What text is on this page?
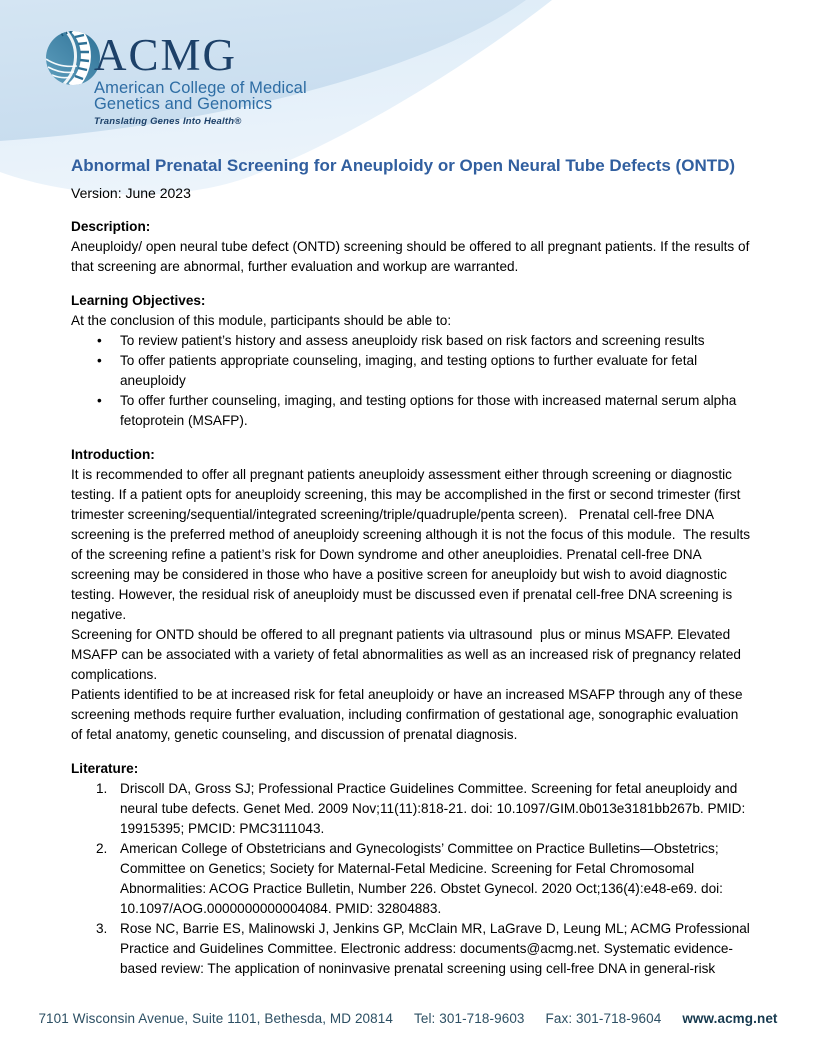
ACMG
American College of Medical
Genetics and Genomics
Translating Genes Into Health®
Abnormal Prenatal Screening for Aneuploidy or Open Neural Tube Defects (ONTD)
Version: June 2023
Description:

Aneuploidy/ open neural tube defect (ONTD) screening should be offered to all pregnant patients. If the results of that screening are abnormal, further evaluation and workup are warranted.

Learning Objectives:

At the conclusion of this module, participants should be able to:

• To review patient’s history and assess aneuploidy risk based on risk factors and screening results
• To offer patients appropriate counseling, imaging, and testing options to further evaluate for fetal aneuploidy
• To offer further counseling, imaging, and testing options for those with increased maternal serum alpha fetoprotein (MSAFP).
Introduction:

It is recommended to offer all pregnant patients aneuploidy assessment either through screening or diagnostic testing. If a patient opts for aneuploidy screening, this may be accomplished in the first or second trimester (first trimester screening/sequential/integrated screening/triple/quadruple/penta screen).   Prenatal cell-free DNA screening is the preferred method of aneuploidy screening although it is not the focus of this module.  The results of the screening refine a patient’s risk for Down syndrome and other aneuploidies. Prenatal cell-free DNA screening may be considered in those who have a positive screen for aneuploidy but wish to avoid diagnostic testing. However, the residual risk of aneuploidy must be discussed even if prenatal cell-free DNA screening is negative.

Screening for ONTD should be offered to all pregnant patients via ultrasound  plus or minus MSAFP. Elevated MSAFP can be associated with a variety of fetal abnormalities as well as an increased risk of pregnancy related complications.

Patients identified to be at increased risk for fetal aneuploidy or have an increased MSAFP through any of these screening methods require further evaluation, including confirmation of gestational age, sonographic evaluation of fetal anatomy, genetic counseling, and discussion of prenatal diagnosis.

Literature:
1. Driscoll DA, Gross SJ; Professional Practice Guidelines Committee. Screening for fetal aneuploidy and neural tube defects. Genet Med. 2009 Nov;11(11):818-21. doi: 10.1097/GIM.0b013e3181bb267b. PMID: 19915395; PMCID: PMC3111043.
2. American College of Obstetricians and Gynecologists’ Committee on Practice Bulletins—Obstetrics; Committee on Genetics; Society for Maternal-Fetal Medicine. Screening for Fetal Chromosomal Abnormalities: ACOG Practice Bulletin, Number 226. Obstet Gynecol. 2020 Oct;136(4):e48-e69. doi: 10.1097/AOG.0000000000004084. PMID: 32804883.
3. Rose NC, Barrie ES, Malinowski J, Jenkins GP, McClain MR, LaGrave D, Leung ML; ACMG Professional Practice and Guidelines Committee. Electronic address: documents@acmg.net. Systematic evidence-based review: The application of noninvasive prenatal screening using cell-free DNA in general-risk
7101 Wisconsin Avenue, Suite 1101, Bethesda, MD 20814 Tel: 301-718-9603 Fax: 301-718-9604 www.acmg.net
